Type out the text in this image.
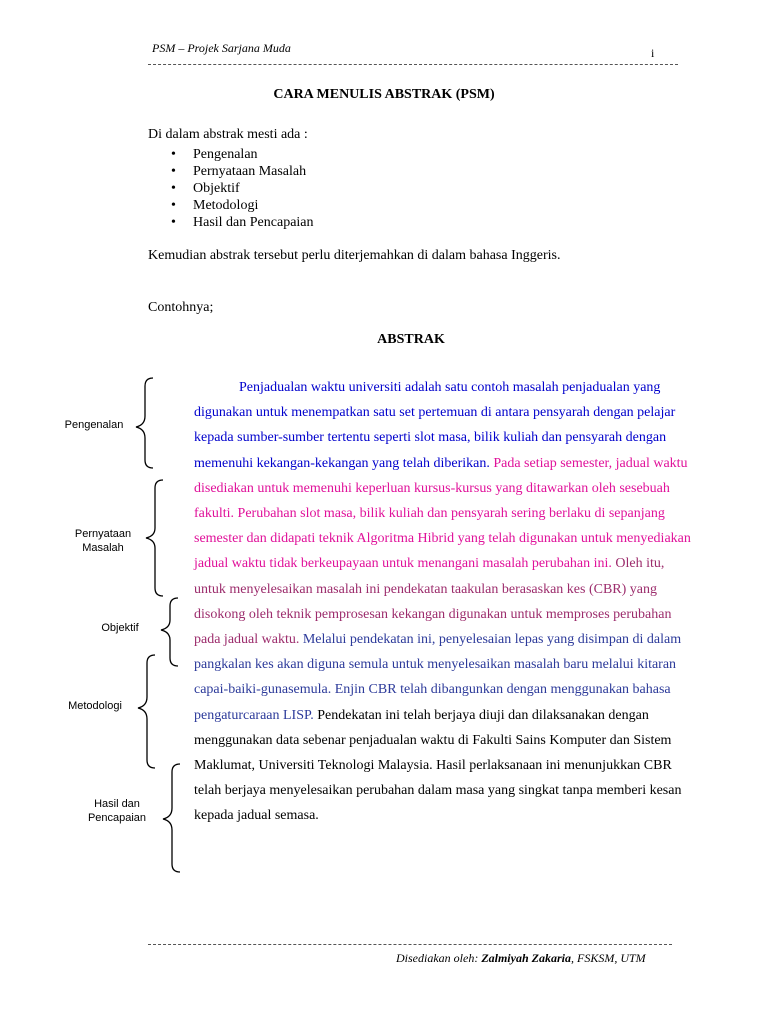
PSM – Projek Sarjana Muda	i
CARA MENULIS ABSTRAK (PSM)
Di dalam abstrak mesti ada :
• Pengenalan
• Pernyataan Masalah
• Objektif
• Metodologi
• Hasil dan Pencapaian
Kemudian abstrak tersebut perlu diterjemahkan di dalam bahasa Inggeris.
Contohnya;
ABSTRAK
Penjadualan waktu universiti adalah satu contoh masalah penjadualan yang digunakan untuk menempatkan satu set pertemuan di antara pensyarah dengan pelajar kepada sumber-sumber tertentu seperti slot masa, bilik kuliah dan pensyarah dengan memenuhi kekangan-kekangan yang telah diberikan. Pada setiap semester, jadual waktu disediakan untuk memenuhi keperluan kursus-kursus yang ditawarkan oleh sesebuah fakulti. Perubahan slot masa, bilik kuliah dan pensyarah sering berlaku di sepanjang semester dan didapati teknik Algoritma Hibrid yang telah digunakan untuk menyediakan jadual waktu tidak berkeupayaan untuk menangani masalah perubahan ini. Oleh itu, untuk menyelesaikan masalah ini pendekatan taakulan berasaskan kes (CBR) yang disokong oleh teknik pemprosesan kekangan digunakan untuk memproses perubahan pada jadual waktu. Melalui pendekatan ini, penyelesaian lepas yang disimpan di dalam pangkalan kes akan diguna semula untuk menyelesaikan masalah baru melalui kitaran capai-baiki-gunasemula. Enjin CBR telah dibangunkan dengan menggunakan bahasa pengaturcaraan LISP. Pendekatan ini telah berjaya diuji dan dilaksanakan dengan menggunakan data sebenar penjadualan waktu di Fakulti Sains Komputer dan Sistem Maklumat, Universiti Teknologi Malaysia. Hasil perlaksanaan ini menunjukkan CBR telah berjaya menyelesaikan perubahan dalam masa yang singkat tanpa memberi kesan kepada jadual semasa.
Pengenalan
Pernyataan
Masalah
Objektif
Metodologi
Hasil dan
Pencapaian
Disediakan oleh: Zalmiyah Zakaria, FSKSM, UTM
